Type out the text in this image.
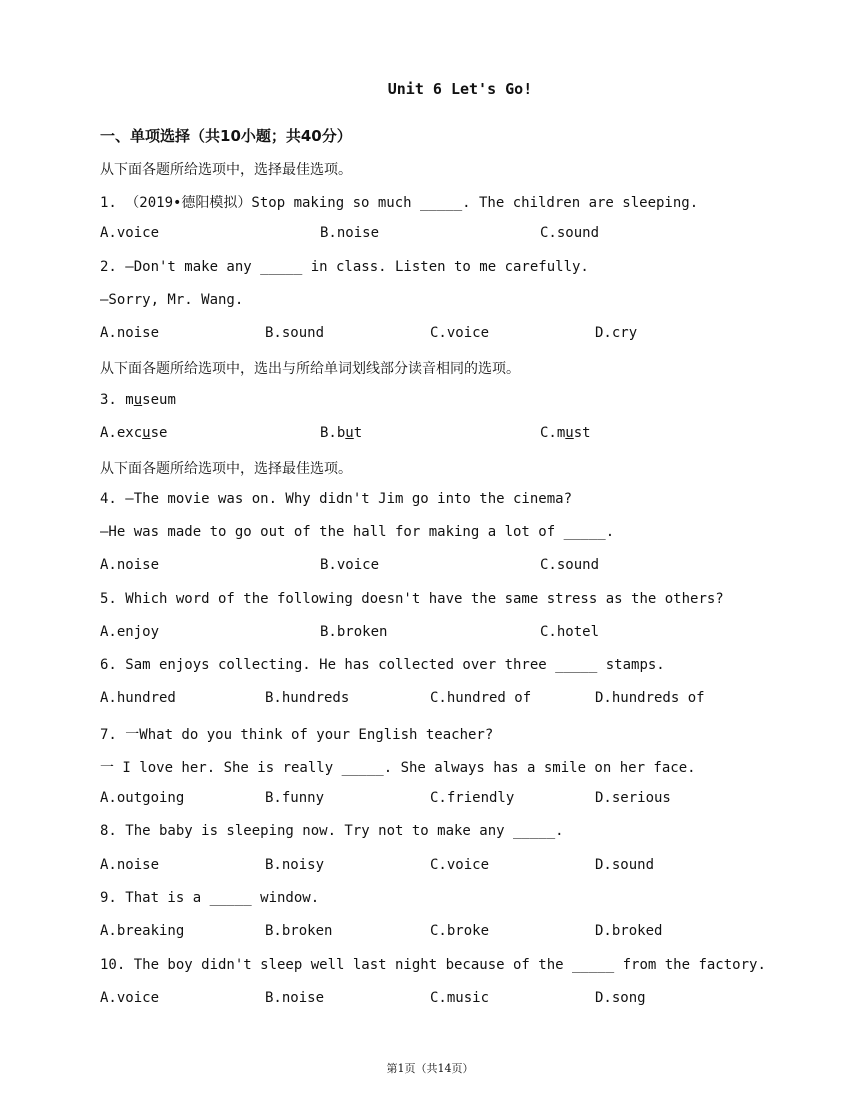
Unit 6 Let's Go!
一、单项选择（共10小题；共40分）
从下面各题所给选项中，选择最佳选项。
1. （2019•德阳模拟）Stop making so much _____. The children are sleeping.
A.voice	B.noise	C.sound
2. —Don't make any _____ in class. Listen to me carefully.
—Sorry, Mr. Wang.
A.noise	B.sound	C.voice	D.cry
从下面各题所给选项中，选出与所给单词划线部分读音相同的选项。
3. museum
A.excuse	B.but	C.must
从下面各题所给选项中，选择最佳选项。
4. —The movie was on. Why didn't Jim go into the cinema?
—He was made to go out of the hall for making a lot of _____.
A.noise	B.voice	C.sound
5. Which word of the following doesn't have the same stress as the others?
A.enjoy	B.broken	C.hotel
6. Sam enjoys collecting. He has collected over three _____ stamps.
A.hundred	B.hundreds	C.hundred of	D.hundreds of
7. 一What do you think of your English teacher?
一 I love her. She is really _____. She always has a smile on her face.
A.outgoing	B.funny	C.friendly	D.serious
8. The baby is sleeping now. Try not to make any _____.
A.noise	B.noisy	C.voice	D.sound
9. That is a _____ window.
A.breaking	B.broken	C.broke	D.broked
10. The boy didn't sleep well last night because of the _____ from the factory.
A.voice	B.noise	C.music	D.song
第1页（共14页）
